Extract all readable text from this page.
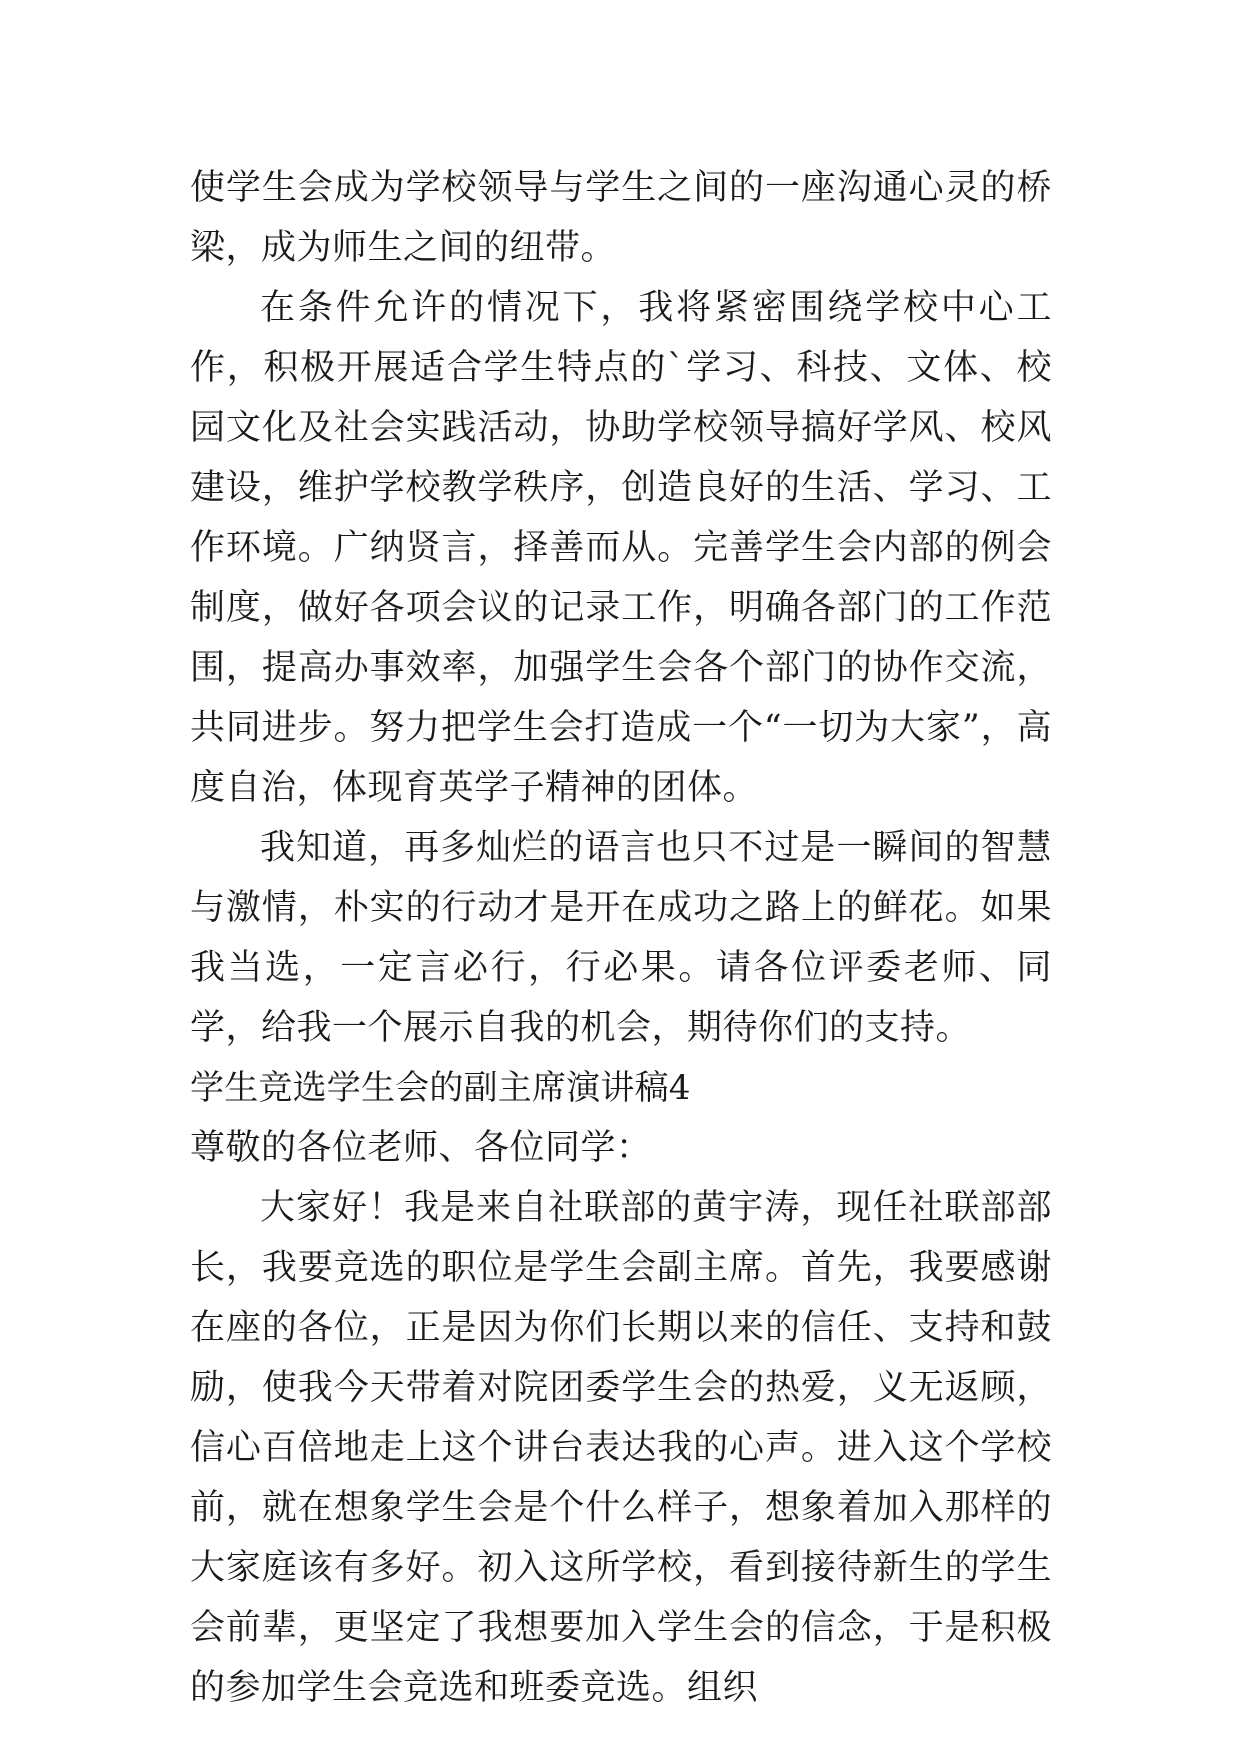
使学生会成为学校领导与学生之间的一座沟通心灵的桥梁，成为师生之间的纽带。

在条件允许的情况下，我将紧密围绕学校中心工作，积极开展适合学生特点的`学习、科技、文体、校园文化及社会实践活动，协助学校领导搞好学风、校风建设，维护学校教学秩序，创造良好的生活、学习、工作环境。广纳贤言，择善而从。完善学生会内部的例会制度，做好各项会议的记录工作，明确各部门的工作范围，提高办事效率，加强学生会各个部门的协作交流，共同进步。努力把学生会打造成一个“一切为大家”，高度自治，体现育英学子精神的团体。

我知道，再多灿烂的语言也只不过是一瞬间的智慧与激情，朴实的行动才是开在成功之路上的鲜花。如果我当选，一定言必行，行必果。请各位评委老师、同学，给我一个展示自我的机会，期待你们的支持。

学生竞选学生会的副主席演讲稿4

尊敬的各位老师、各位同学：

大家好！我是来自社联部的黄宇涛，现任社联部部长，我要竞选的职位是学生会副主席。首先，我要感谢在座的各位，正是因为你们长期以来的信任、支持和鼓励，使我今天带着对院团委学生会的热爱，义无返顾，信心百倍地走上这个讲台表达我的心声。进入这个学校前，就在想象学生会是个什么样子，想象着加入那样的大家庭该有多好。初入这所学校，看到接待新生的学生会前辈，更坚定了我想要加入学生会的信念，于是积极的参加学生会竞选和班委竞选。组织
